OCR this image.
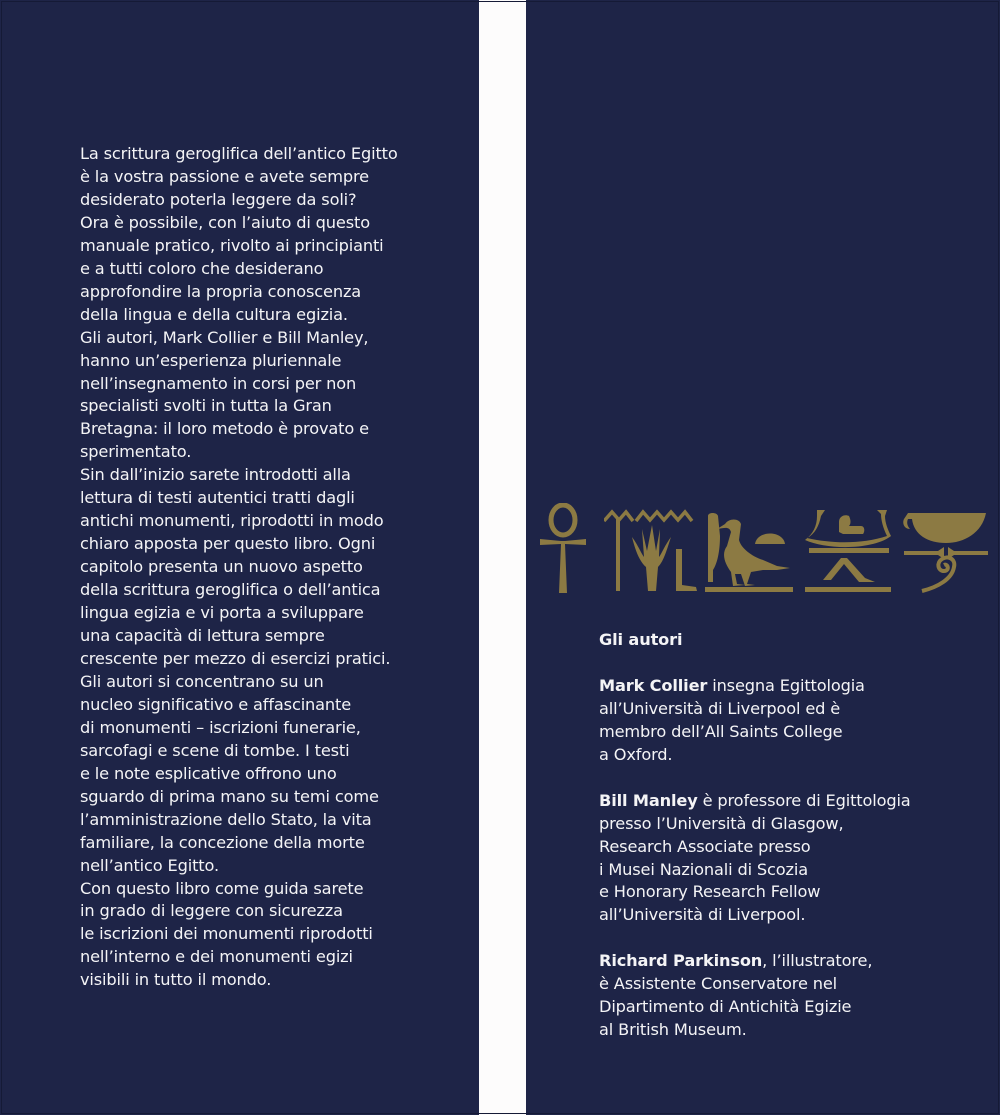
La scrittura geroglifica dell’antico Egitto
è la vostra passione e avete sempre
desiderato poterla leggere da soli?
Ora è possibile, con l’aiuto di questo
manuale pratico, rivolto ai principianti
e a tutti coloro che desiderano
approfondire la propria conoscenza
della lingua e della cultura egizia.
Gli autori, Mark Collier e Bill Manley,
hanno un’esperienza pluriennale
nell’insegnamento in corsi per non
specialisti svolti in tutta la Gran
Bretagna: il loro metodo è provato e
sperimentato.
Sin dall’inizio sarete introdotti alla
lettura di testi autentici tratti dagli
antichi monumenti, riprodotti in modo
chiaro apposta per questo libro. Ogni
capitolo presenta un nuovo aspetto
della scrittura geroglifica o dell’antica
lingua egizia e vi porta a sviluppare
una capacità di lettura sempre
crescente per mezzo di esercizi pratici.
Gli autori si concentrano su un
nucleo significativo e affascinante
di monumenti – iscrizioni funerarie,
sarcofagi e scene di tombe. I testi
e le note esplicative offrono uno
sguardo di prima mano su temi come
l’amministrazione dello Stato, la vita
familiare, la concezione della morte
nell’antico Egitto.
Con questo libro come guida sarete
in grado di leggere con sicurezza
le iscrizioni dei monumenti riprodotti
nell’interno e dei monumenti egizi
visibili in tutto il mondo.
Gli autori
Mark Collier insegna Egittologia
all’Università di Liverpool ed è
membro dell’All Saints College
a Oxford.
Bill Manley è professore di Egittologia
presso l’Università di Glasgow,
Research Associate presso
i Musei Nazionali di Scozia
e Honorary Research Fellow
all’Università di Liverpool.
Richard Parkinson, l’illustratore,
è Assistente Conservatore nel
Dipartimento di Antichità Egizie
al British Museum.
